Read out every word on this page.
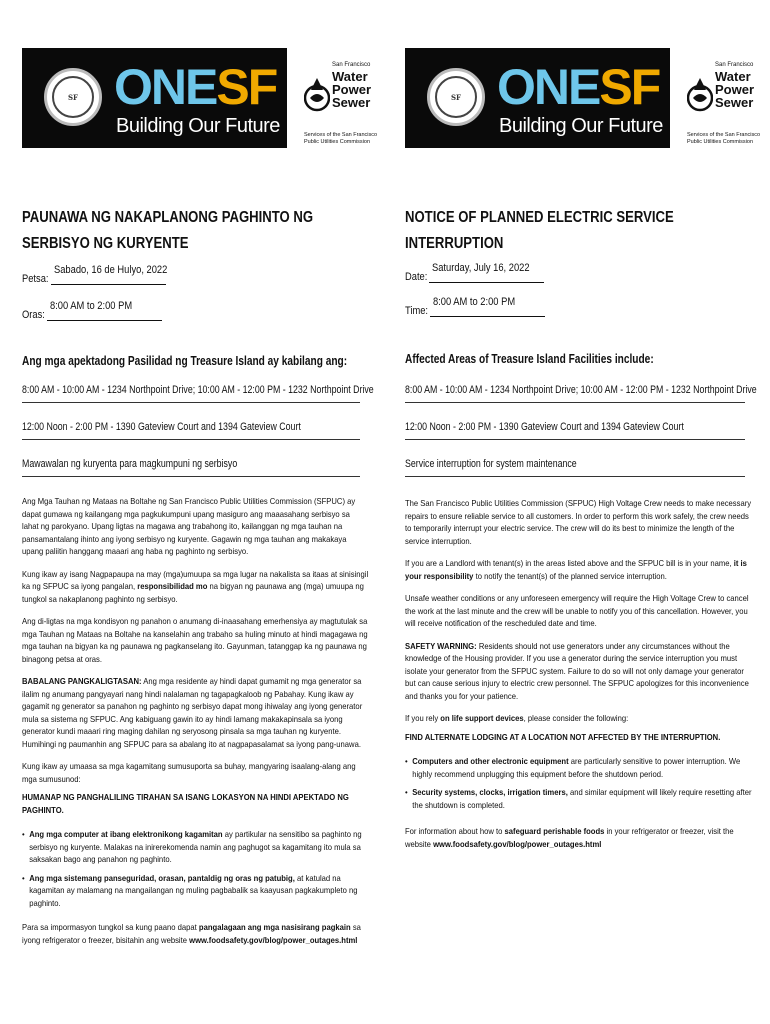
SF ONESF
Building Our Future
San Francisco
Water
Power
Sewer
Services of the San Francisco
Public Utilities Commission
PAUNAWA NG NAKAPLANONG PAGHINTO NG SERBISYO NG KURYENTE
Petsa:
Sabado, 16 de Hulyo, 2022
Oras:
8:00 AM to 2:00 PM
Ang mga apektadong Pasilidad ng Treasure Island ay kabilang ang:
8:00 AM - 10:00 AM - 1234 Northpoint Drive; 10:00 AM - 12:00 PM - 1232 Northpoint Drive
12:00 Noon - 2:00 PM - 1390 Gateview Court and 1394 Gateview Court
Mawawalan ng kuryenta para magkumpuni ng serbisyo

Ang Mga Tauhan ng Mataas na Boltahe ng San Francisco Public Utilities Commission (SFPUC) ay dapat gumawa ng kailangang mga pagkukumpuni upang masiguro ang maaasahang serbisyo sa lahat ng parokyano. Upang ligtas na magawa ang trabahong ito, kailanggan ng mga tauhan na pansamantalang ihinto ang iyong serbisyo ng kuryente. Gagawin ng mga tauhan ang makakaya upang paliitin hanggang maaari ang haba ng paghinto ng serbisyo.

Kung ikaw ay isang Nagpapaupa na may (mga)umuupa sa mga lugar na nakalista sa itaas at sinisingil ka ng SFPUC sa iyong pangalan, responsibilidad mo na bigyan ng paunawa ang (mga) umuupa ng tungkol sa nakaplanong paghinto ng serbisyo.

Ang di-ligtas na mga kondisyon ng panahon o anumang di-inaasahang emerhensiya ay magtutulak sa mga Tauhan ng Mataas na Boltahe na kanselahin ang trabaho sa huling minuto at hindi magagawa ng mga tauhan na bigyan ka ng paunawa ng pagkanselang ito. Gayunman, tatanggap ka ng paunawa ng binagong petsa at oras.

BABALANG PANGKALIGTASAN: Ang mga residente ay hindi dapat gumamit ng mga generator sa ilalim ng anumang pangyayari nang hindi nalalaman ng tagapagkaloob ng Pabahay. Kung ikaw ay gagamit ng generator sa panahon ng paghinto ng serbisyo dapat mong ihiwalay ang iyong generator mula sa sistema ng SFPUC. Ang kabiguang gawin ito ay hindi lamang makakapinsala sa iyong generator kundi maaari ring maging dahilan ng seryosong pinsala sa mga tauhan ng kuryente. Humihingi ng paumanhin ang SFPUC para sa abalang ito at nagpapasalamat sa iyong pang-unawa.

Kung ikaw ay umaasa sa mga kagamitang sumusuporta sa buhay, mangyaring isaalang-alang ang mga sumusunod:

HUMANAP NG PANGHALILING TIRAHAN SA ISANG LOKASYON NA HINDI APEKTADO NG PAGHINTO.

• Ang mga computer at ibang elektronikong kagamitan ay partikular na sensitibo sa paghinto ng serbisyo ng kuryente. Malakas na inirerekomenda namin ang paghugot sa kagamitang ito mula sa saksakan bago ang panahon ng paghinto.

• Ang mga sistemang panseguridad, orasan, pantaldig ng oras ng patubig, at katulad na kagamitan ay malamang na mangailangan ng muling pagbabalik sa kaayusan pagkakumpleto ng paghinto.

Para sa impormasyon tungkol sa kung paano dapat pangalagaan ang mga nasisirang pagkain sa iyong refrigerator o freezer, bisitahin ang website www.foodsafety.gov/blog/power_outages.html

SF ONESF
Building Our Future
San Francisco
Water
Power
Sewer
Services of the San Francisco
Public Utilities Commission
NOTICE OF PLANNED ELECTRIC SERVICE INTERRUPTION
Date:
Saturday, July 16, 2022
Time:
8:00 AM to 2:00 PM
Affected Areas of Treasure Island Facilities include:
8:00 AM - 10:00 AM - 1234 Northpoint Drive; 10:00 AM - 12:00 PM - 1232 Northpoint Drive
12:00 Noon - 2:00 PM - 1390 Gateview Court and 1394 Gateview Court
Service interruption for system maintenance

The San Francisco Public Utilities Commission (SFPUC) High Voltage Crew needs to make necessary repairs to ensure reliable service to all customers. In order to perform this work safely, the crew needs to temporarily interrupt your electric service. The crew will do its best to minimize the length of the service interruption.

If you are a Landlord with tenant(s) in the areas listed above and the SFPUC bill is in your name, it is your responsibility to notify the tenant(s) of the planned service interruption.

Unsafe weather conditions or any unforeseen emergency will require the High Voltage Crew to cancel the work at the last minute and the crew will be unable to notify you of this cancellation. However, you will receive notification of the rescheduled date and time.

SAFETY WARNING: Residents should not use generators under any circumstances without the knowledge of the Housing provider. If you use a generator during the service interruption you must isolate your generator from the SFPUC system. Failure to do so will not only damage your generator but can cause serious injury to electric crew personnel. The SFPUC apologizes for this inconvenience and thanks you for your patience.

If you rely on life support devices, please consider the following:

FIND ALTERNATE LODGING AT A LOCATION NOT AFFECTED BY THE INTERRUPTION.

• Computers and other electronic equipment are particularly sensitive to power interruption. We highly recommend unplugging this equipment before the shutdown period.

• Security systems, clocks, irrigation timers, and similar equipment will likely require resetting after the shutdown is completed.

For information about how to safeguard perishable foods in your refrigerator or freezer, visit the website www.foodsafety.gov/blog/power_outages.html
